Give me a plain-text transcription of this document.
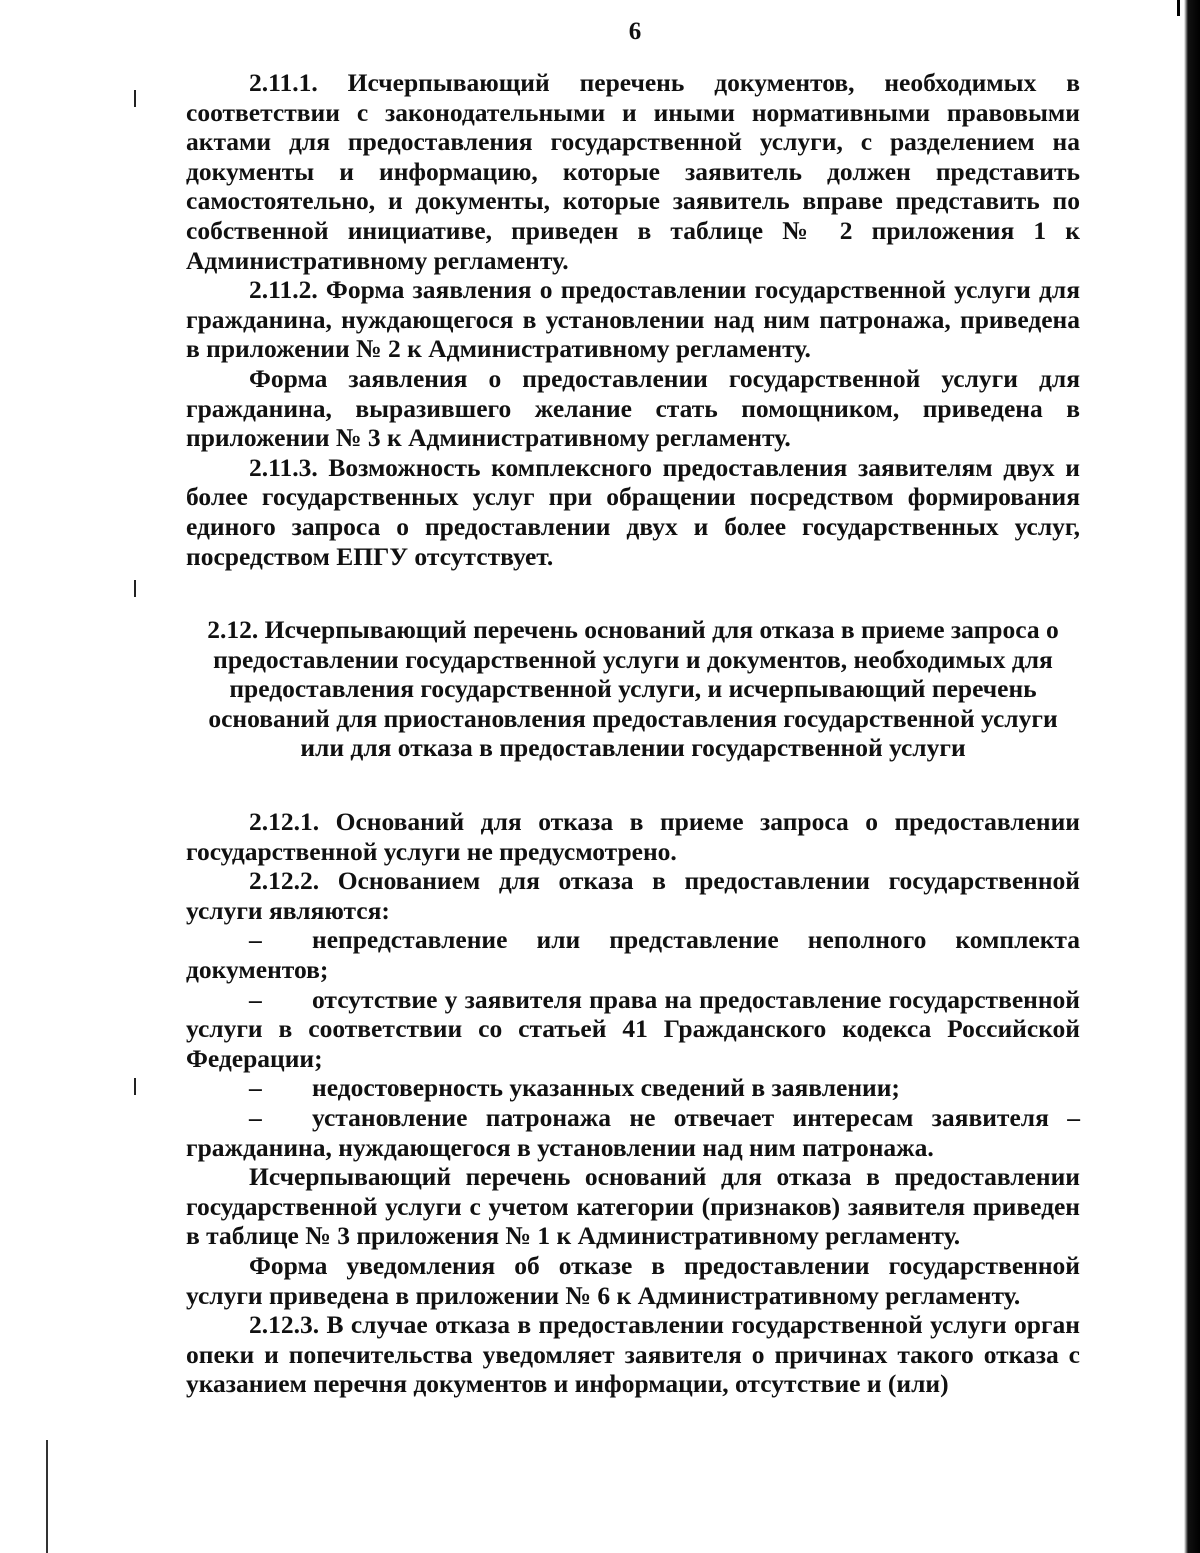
6

2.11.1. Исчерпывающий перечень документов, необходимых в соответствии с законодательными и иными нормативными правовыми актами для предоставления государственной услуги, с разделением на документы и информацию, которые заявитель должен представить самостоятельно, и документы, которые заявитель вправе представить по собственной инициативе, приведен в таблице № 2 приложения 1 к Административному регламенту.

2.11.2. Форма заявления о предоставлении государственной услуги для гражданина, нуждающегося в установлении над ним патронажа, приведена в приложении № 2 к Административному регламенту.

Форма заявления о предоставлении государственной услуги для гражданина, выразившего желание стать помощником, приведена в приложении № 3 к Административному регламенту.

2.11.3. Возможность комплексного предоставления заявителям двух и более государственных услуг при обращении посредством формирования единого запроса о предоставлении двух и более государственных услуг, посредством ЕПГУ отсутствует.

2.12. Исчерпывающий перечень оснований для отказа в приеме запроса о предоставлении государственной услуги и документов, необходимых для предоставления государственной услуги, и исчерпывающий перечень оснований для приостановления предоставления государственной услуги или для отказа в предоставлении государственной услуги

2.12.1. Оснований для отказа в приеме запроса о предоставлении государственной услуги не предусмотрено.

2.12.2. Основанием для отказа в предоставлении государственной услуги являются:

– непредставление или представление неполного комплекта документов;

– отсутствие у заявителя права на предоставление государственной услуги в соответствии со статьей 41 Гражданского кодекса Российской Федерации;

– недостоверность указанных сведений в заявлении;

– установление патронажа не отвечает интересам заявителя – гражданина, нуждающегося в установлении над ним патронажа.

Исчерпывающий перечень оснований для отказа в предоставлении государственной услуги с учетом категории (признаков) заявителя приведен в таблице № 3 приложения № 1 к Административному регламенту.

Форма уведомления об отказе в предоставлении государственной услуги приведена в приложении № 6 к Административному регламенту.

2.12.3. В случае отказа в предоставлении государственной услуги орган опеки и попечительства уведомляет заявителя о причинах такого отказа с указанием перечня документов и информации, отсутствие и (или)
